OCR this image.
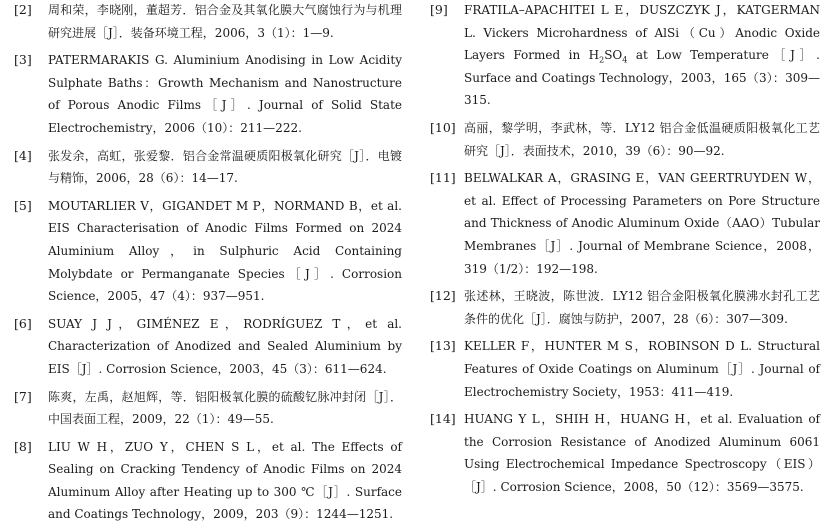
[2]	周和荣，李晓刚，董超芳．铝合金及其氧化膜大气腐蚀行为与机理研究进展［J］．装备环境工程，2006，3（1）：1—9.
[3]	PATERMARAKIS G. Aluminium Anodising in Low Acidity Sulphate Baths：Growth Mechanism and Nanostructure of Porous Anodic Films［J］. Journal of Solid State Electrochemistry，2006（10）：211—222.
[4]	张发余，高虹，张爱黎．铝合金常温硬质阳极氧化研究［J］．电镀与精饰，2006，28（6）：14—17.
[5]	MOUTARLIER V，GIGANDET M P，NORMAND B，et al. EIS Characterisation of Anodic Films Formed on 2024 Aluminium Alloy，in Sulphuric Acid Containing Molybdate or Permanganate Species［J］. Corrosion Science，2005，47（4）：937—951.
[6]	SUAY J J，GIMÉNEZ E，RODRÍGUEZ T，et al. Characterization of Anodized and Sealed Aluminium by EIS［J］. Corrosion Science，2003，45（3）：611—624.
[7]	陈爽，左禹，赵旭辉，等．铝阳极氧化膜的硫酸钇脉冲封闭［J］．中国表面工程，2009，22（1）：49—55.
[8]	LIU W H，ZUO Y，CHEN S L，et al. The Effects of Sealing on Cracking Tendency of Anodic Films on 2024 Aluminum Alloy after Heating up to 300 ℃［J］. Surface and Coatings Technology，2009，203（9）：1244—1251.
[9]	FRATILA–APACHITEI L E，DUSZCZYK J，KATGERMAN L. Vickers Microhardness of AlSi（Cu）Anodic Oxide Layers Formed in $H_2SO_4$ at Low Temperature［J］. Surface and Coatings Technology，2003，165（3）：309—315.
[10] 高丽，黎学明，李武林，等．LY12 铝合金低温硬质阳极氧化工艺研究［J］．表面技术，2010，39（6）：90—92.
[11] BELWALKAR A，GRASING E，VAN GEERTRUYDEN W，et al. Effect of Processing Parameters on Pore Structure and Thickness of Anodic Aluminum Oxide（AAO）Tubular Membranes［J］. Journal of Membrane Science，2008，319（1/2）：192—198.
[12] 张述林，王晓波，陈世波．LY12 铝合金阳极氧化膜沸水封孔工艺条件的优化［J］．腐蚀与防护，2007，28（6）：307—309.
[13] KELLER F，HUNTER M S，ROBINSON D L. Structural Features of Oxide Coatings on Aluminum［J］. Journal of Electrochemistry Society，1953：411—419.
[14] HUANG Y L，SHIH H，HUANG H，et al. Evaluation of the Corrosion Resistance of Anodized Aluminum 6061 Using Electrochemical Impedance Spectroscopy（EIS）［J］. Corrosion Science，2008，50（12）：3569—3575.
